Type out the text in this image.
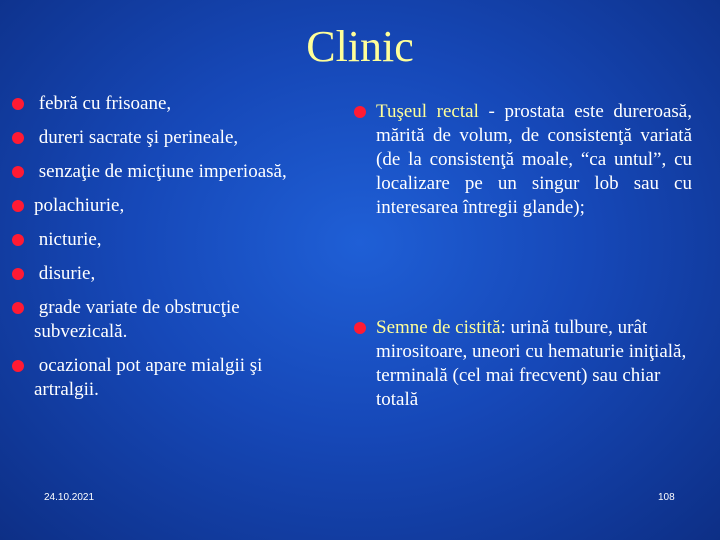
Clinic
febră cu frisoane,
dureri sacrate şi perineale,
senzaţie de micţiune imperioasă,
polachiurie,
nicturie,
disurie,
grade variate de obstrucţie subvezicală.
ocazional pot apare mialgii şi artralgii.
Tuşeul rectal - prostata este dureroasă, mărită de volum, de consistenţă variată (de la consistenţă moale, “ca untul”, cu localizare pe un singur lob sau cu interesarea întregii glande);
Semne de cistită: urină tulbure, urât mirositoare, uneori cu hematurie iniţială, terminală (cel mai frecvent) sau chiar totală
24.10.2021	108
